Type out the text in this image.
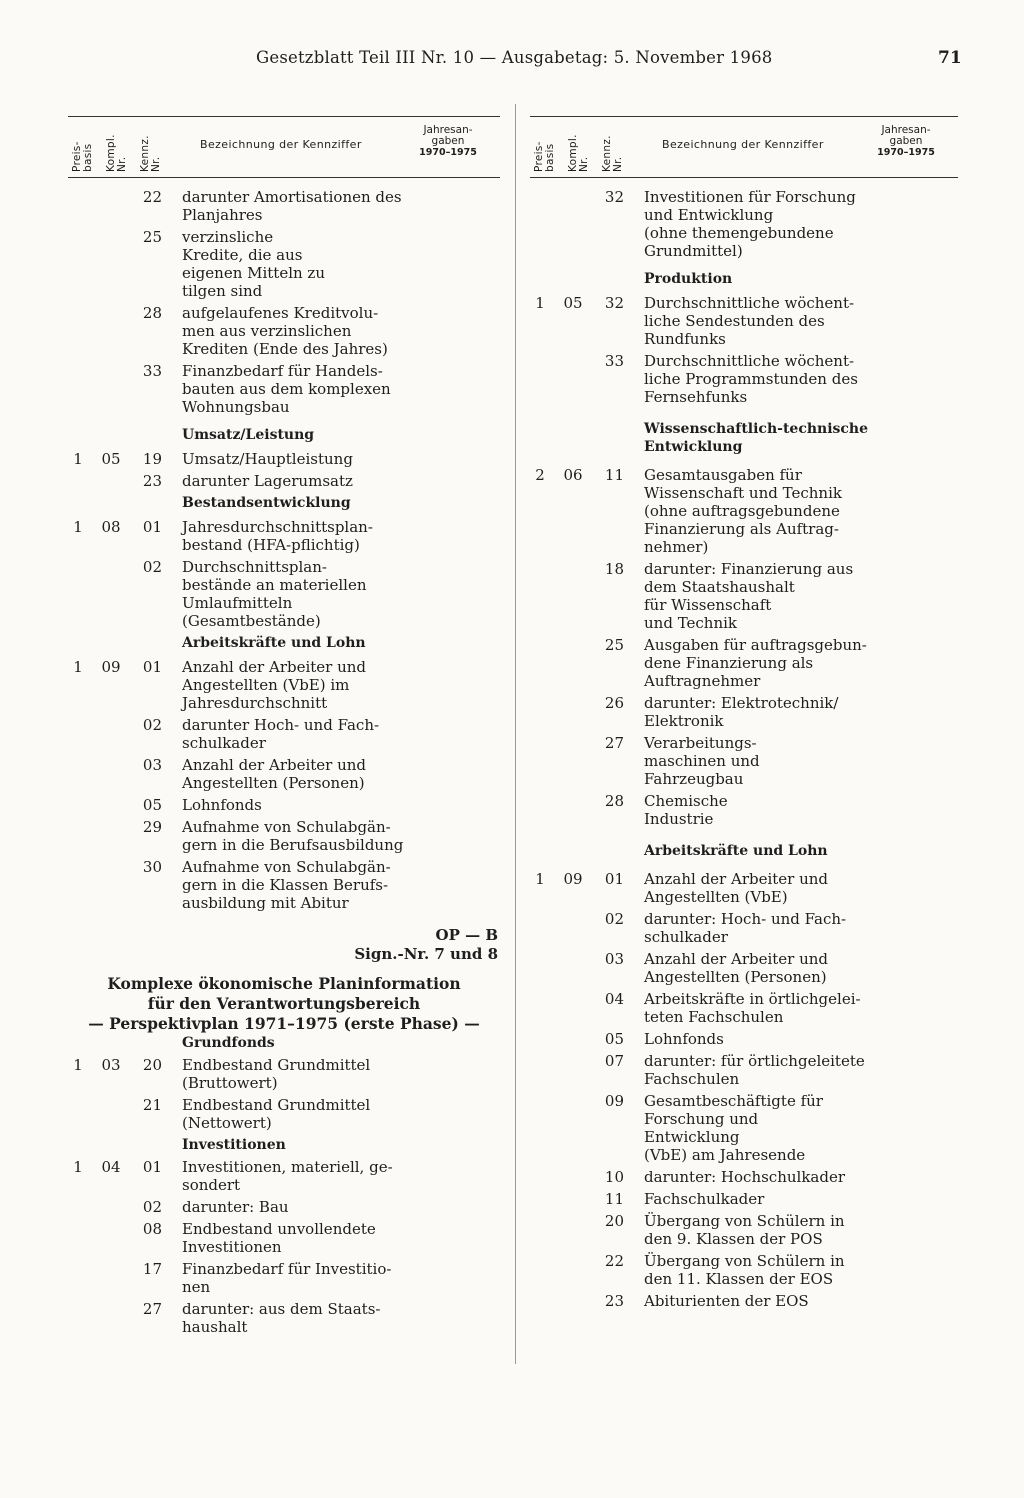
Gesetzblatt Teil III Nr. 10 — Ausgabetag: 5. November 1968	71
Preis- basis Kompl. Nr. Kennz. Nr.
Bezeichnung der Kennziffer
Jahresan-
gaben
1970–1975
22 darunter Amortisationen des
Planjahres
25 verzinsliche
Kredite, die aus
eigenen Mitteln zu
tilgen sind
28 aufgelaufenes Kreditvolu-
men aus verzinslichen
Krediten (Ende des Jahres)
33 Finanzbedarf für Handels-
bauten aus dem komplexen
Wohnungsbau
Umsatz/Leistung
1	05	19 Umsatz/Hauptleistung
23 darunter Lagerumsatz
Bestandsentwicklung
1	08	01 Jahresdurchschnittsplan-
bestand (HFA-pflichtig)
02 Durchschnittsplan-
bestände an materiellen
Umlaufmitteln
(Gesamtbestände)
Arbeitskräfte und Lohn
1	09	01 Anzahl der Arbeiter und
Angestellten (VbE) im
Jahresdurchschnitt
02 darunter Hoch- und Fach-
schulkader
03 Anzahl der Arbeiter und
Angestellten (Personen)
05 Lohnfonds
29 Aufnahme von Schulabgän-
gern in die Berufsausbildung
30 Aufnahme von Schulabgän-
gern in die Klassen Berufs-
ausbildung mit Abitur
OP — B
Sign.-Nr. 7 und 8
Komplexe ökonomische Planinformation
für den Verantwortungsbereich
— Perspektivplan 1971–1975 (erste Phase) —
Grundfonds
1	03	20 Endbestand Grundmittel
(Bruttowert)
21 Endbestand Grundmittel
(Nettowert)
Investitionen
1	04	01 Investitionen, materiell, ge-
sondert
02 darunter: Bau
08 Endbestand unvollendete
Investitionen
17 Finanzbedarf für Investitio-
nen
27 darunter: aus dem Staats-
haushalt
Preis- basis Kompl. Nr. Kennz. Nr.
Bezeichnung der Kennziffer
Jahresan-
gaben
1970–1975
32 Investitionen für Forschung
und Entwicklung
(ohne themengebundene
Grundmittel)
Produktion
1	05	32 Durchschnittliche wöchent-
liche Sendestunden des
Rundfunks
33 Durchschnittliche wöchent-
liche Programmstunden des
Fernsehfunks
Wissenschaftlich-technische
Entwicklung
2	06	11 Gesamtausgaben für
Wissenschaft und Technik
(ohne auftragsgebundene
Finanzierung als Auftrag-
nehmer)
18 darunter: Finanzierung aus
dem Staatshaushalt
für Wissenschaft
und Technik
25 Ausgaben für auftragsgebun-
dene Finanzierung als
Auftragnehmer
26 darunter: Elektrotechnik/
Elektronik
27 Verarbeitungs-
maschinen und
Fahrzeugbau
28 Chemische
Industrie
Arbeitskräfte und Lohn
1	09	01 Anzahl der Arbeiter und
Angestellten (VbE)
02 darunter: Hoch- und Fach-
schulkader
03 Anzahl der Arbeiter und
Angestellten (Personen)
04 Arbeitskräfte in örtlichgelei-
teten Fachschulen
05 Lohnfonds
07 darunter: für örtlichgeleitete
Fachschulen
09 Gesamtbeschäftigte für
Forschung und
Entwicklung
(VbE) am Jahresende
10 darunter: Hochschulkader
11 Fachschulkader
20 Übergang von Schülern in
den 9. Klassen der POS
22 Übergang von Schülern in
den 11. Klassen der EOS
23 Abiturienten der EOS
